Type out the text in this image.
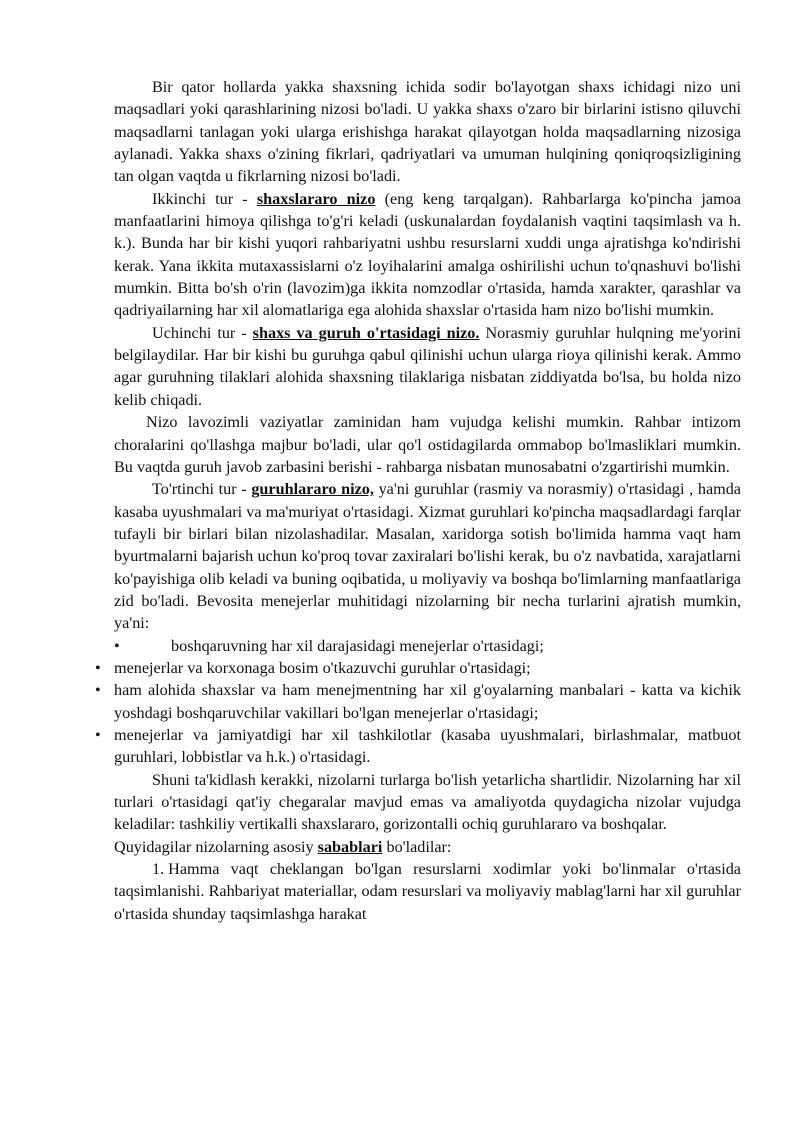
Bir qator hollarda yakka shaxsning ichida sodir bo'layotgan shaxs ichidagi nizo uni maqsadlari yoki qarashlarining nizosi bo'ladi. U yakka shaxs o'zaro bir birlarini istisno qiluvchi maqsadlarni tanlagan yoki ularga erishishga harakat qilayotgan holda maqsadlarning nizosiga aylanadi. Yakka shaxs o'zining fikrlari, qadriyatlari va umuman hulqining qoniqroqsizligining tan olgan vaqtda u fikrlarning nizosi bo'ladi.

Ikkinchi tur - shaxslararo nizo (eng keng tarqalgan). Rahbarlarga ko'pincha jamoa manfaatlarini himoya qilishga to'g'ri keladi (uskunalardan foydalanish vaqtini taqsimlash va h. k.). Bunda har bir kishi yuqori rahbariyatni ushbu resurslarni xuddi unga ajratishga ko'ndirishi kerak. Yana ikkita mutaxassislarni o'z loyihalarini amalga oshirilishi uchun to'qnashuvi bo'lishi mumkin. Bitta bo'sh o'rin (lavozim)ga ikkita nomzodlar o'rtasida, hamda xarakter, qarashlar va qadriyailarning har xil alomatlariga ega alohida shaxslar o'rtasida ham nizo bo'lishi mumkin.

Uchinchi tur - shaxs va guruh o'rtasidagi nizo. Norasmiy guruhlar hulqning me'yorini belgilaydilar. Har bir kishi bu guruhga qabul qilinishi uchun ularga rioya qilinishi kerak. Ammo agar guruhning tilaklari alohida shaxsning tilaklariga nisbatan ziddiyatda bo'lsa, bu holda nizo kelib chiqadi.

Nizo lavozimli vaziyatlar zaminidan ham vujudga kelishi mumkin. Rahbar intizom choralarini qo'llashga majbur bo'ladi, ular qo'l ostidagilarda ommabop bo'lmasliklari mumkin. Bu vaqtda guruh javob zarbasini berishi - rahbarga nisbatan munosabatni o'zgartirishi mumkin.

To'rtinchi tur - guruhlararo nizo, ya'ni guruhlar (rasmiy va norasmiy) o'rtasidagi , hamda kasaba uyushmalari va ma'muriyat o'rtasidagi. Xizmat guruhlari ko'pincha maqsadlardagi farqlar tufayli bir birlari bilan nizolashadilar. Masalan, xaridorga sotish bo'limida hamma vaqt ham byurtmalarni bajarish uchun ko'proq tovar zaxiralari bo'lishi kerak, bu o'z navbatida, xarajatlarni ko'payishiga olib keladi va buning oqibatida, u moliyaviy va boshqa bo'limlarning manfaatlariga zid bo'ladi. Bevosita menejerlar muhitidagi nizolarning bir necha turlarini ajratish mumkin, ya'ni:

•	boshqaruvning har xil darajasidagi menejerlar o'rtasidagi;
• menejerlar va korxonaga bosim o'tkazuvchi guruhlar o'rtasidagi;
• ham alohida shaxslar va ham menejmentning har xil g'oyalarning manbalari - katta va kichik yoshdagi boshqaruvchilar vakillari bo'lgan menejerlar o'rtasidagi;
• menejerlar va jamiyatdigi har xil tashkilotlar (kasaba uyushmalari, birlashmalar, matbuot guruhlari, lobbistlar va h.k.) o'rtasidagi.

Shuni ta'kidlash kerakki, nizolarni turlarga bo'lish yetarlicha shartlidir. Nizolarning har xil turlari o'rtasidagi qat'iy chegaralar mavjud emas va amaliyotda quydagicha nizolar vujudga keladilar: tashkiliy vertikalli shaxslararo, gorizontalli ochiq guruhlararo va boshqalar.

Quyidagilar nizolarning asosiy sabablari bo'ladilar:

1. Hamma vaqt cheklangan bo'lgan resurslarni xodimlar yoki bo'linmalar o'rtasida taqsimlanishi. Rahbariyat materiallar, odam resurslari va moliyaviy mablag'larni har xil guruhlar o'rtasida shunday taqsimlashga harakat
